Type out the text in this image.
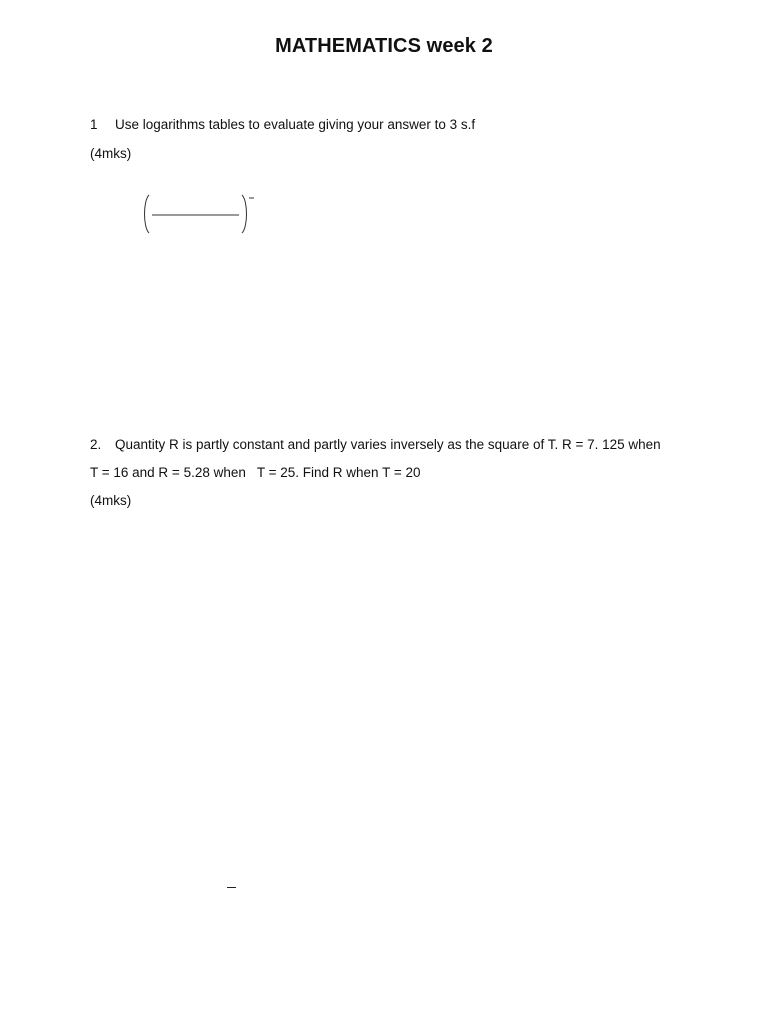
MATHEMATICS week 2
1 Use logarithms tables to evaluate giving your answer to 3 s.f
(4mks)
2. Quantity R is partly constant and partly varies inversely as the square of T. R = 7. 125 when
T = 16 and R = 5.28 when   T = 25. Find R when T = 20
(4mks)
